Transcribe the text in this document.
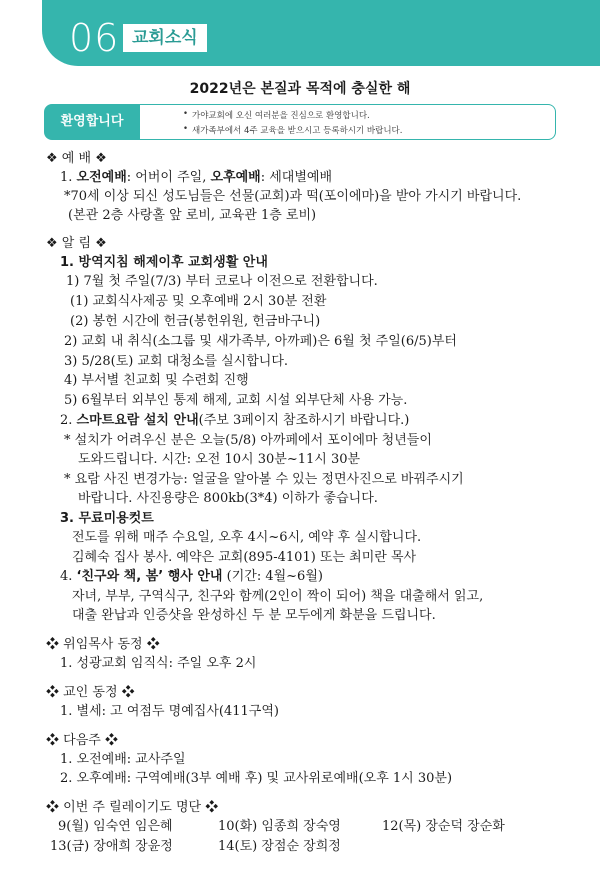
06 교회소식
2022년은 본질과 목적에 충실한 해
환영합니다
•	가야교회에 오신 여러분을 진심으로 환영합니다.
• 새가족부에서 4주 교육을 받으시고 등록하시기 바랍니다.
❖ 예 배 ❖
1. 오전예배: 어버이 주일, 오후예배: 세대별예배
*70세 이상 되신 성도님들은 선물(교회)과 떡(포이에마)을 받아 가시기 바랍니다.
(본관 2층 사랑홀 앞 로비, 교육관 1층 로비)
❖ 알 림 ❖
1. 방역지침 해제이후 교회생활 안내
1) 7월 첫 주일(7/3) 부터 코로나 이전으로 전환합니다.
(1) 교회식사제공 및 오후예배 2시 30분 전환
(2) 봉헌 시간에 헌금(봉헌위원, 헌금바구니)
2) 교회 내 취식(소그룹 및 새가족부, 아까페)은 6월 첫 주일(6/5)부터
3) 5/28(토) 교회 대청소를 실시합니다.
4) 부서별 친교회 및 수련회 진행
5) 6월부터 외부인 통제 해제, 교회 시설 외부단체 사용 가능.
2. 스마트요람 설치 안내(주보 3페이지 참조하시기 바랍니다.)
* 설치가 어려우신 분은 오늘(5/8) 아까페에서 포이에마 청년들이
도와드립니다. 시간: 오전 10시 30분~11시 30분
* 요람 사진 변경가능: 얼굴을 알아볼 수 있는 정면사진으로 바꿔주시기
바랍니다. 사진용량은 800kb(3*4) 이하가 좋습니다.
3. 무료미용컷트
전도를 위해 매주 수요일, 오후 4시~6시, 예약 후 실시합니다.
김혜숙 집사 봉사. 예약은 교회(895-4101) 또는 최미란 목사
4. ‘친구와 책, 봄’ 행사 안내 (기간: 4월~6월)
자녀, 부부, 구역식구, 친구와 함께(2인이 짝이 되어) 책을 대출해서 읽고,
대출 완납과 인증샷을 완성하신 두 분 모두에게 화분을 드립니다.
❖ 위임목사 동정 ❖
1. 성광교회 임직식: 주일 오후 2시
❖ 교인 동정 ❖
1. 별세: 고 여점두 명예집사(411구역)
❖ 다음주 ❖
1. 오전예배: 교사주일
2. 오후예배: 구역예배(3부 예배 후) 및 교사위로예배(오후 1시 30분)
❖ 이번 주 릴레이기도 명단 ❖
9(월) 임숙연 임은혜	10(화) 임종희 장숙영	12(목) 장순덕 장순화
13(금) 장애희 장윤정	14(토) 장점순 장희정
